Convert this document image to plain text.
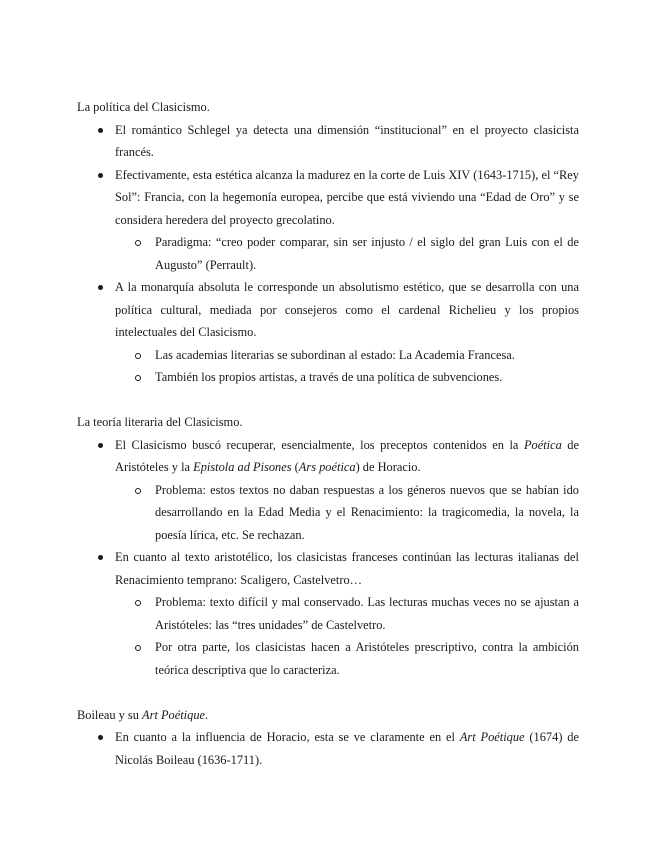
La política del Clasicismo.

El romántico Schlegel ya detecta una dimensión “institucional” en el proyecto clasicista francés.
Efectivamente, esta estética alcanza la madurez en la corte de Luis XIV (1643-1715), el “Rey Sol”: Francia, con la hegemonía europea, percibe que está viviendo una “Edad de Oro” y se considera heredera del proyecto grecolatino.
Paradigma: “creo poder comparar, sin ser injusto / el siglo del gran Luis con el de Augusto” (Perrault).
A la monarquía absoluta le corresponde un absolutismo estético, que se desarrolla con una política cultural, mediada por consejeros como el cardenal Richelieu y los propios intelectuales del Clasicismo.
Las academias literarias se subordinan al estado: La Academia Francesa.
También los propios artistas, a través de una política de subvenciones.

La teoría literaria del Clasicismo.

El Clasicismo buscó recuperar, esencialmente, los preceptos contenidos en la Poética de Aristóteles y la Epistola ad Pisones (Ars poética) de Horacio.
Problema: estos textos no daban respuestas a los géneros nuevos que se habían ido desarrollando en la Edad Media y el Renacimiento: la tragicomedia, la novela, la poesía lírica, etc. Se rechazan.
En cuanto al texto aristotélico, los clasicistas franceses continúan las lecturas italianas del Renacimiento temprano: Scaligero, Castelvetro…
Problema: texto difícil y mal conservado. Las lecturas muchas veces no se ajustan a Aristóteles: las “tres unidades” de Castelvetro.
Por otra parte, los clasicistas hacen a Aristóteles prescriptivo, contra la ambición teórica descriptiva que lo caracteriza.

Boileau y su Art Poétique.

En cuanto a la influencia de Horacio, esta se ve claramente en el Art Poétique (1674) de Nicolás Boileau (1636-1711).
